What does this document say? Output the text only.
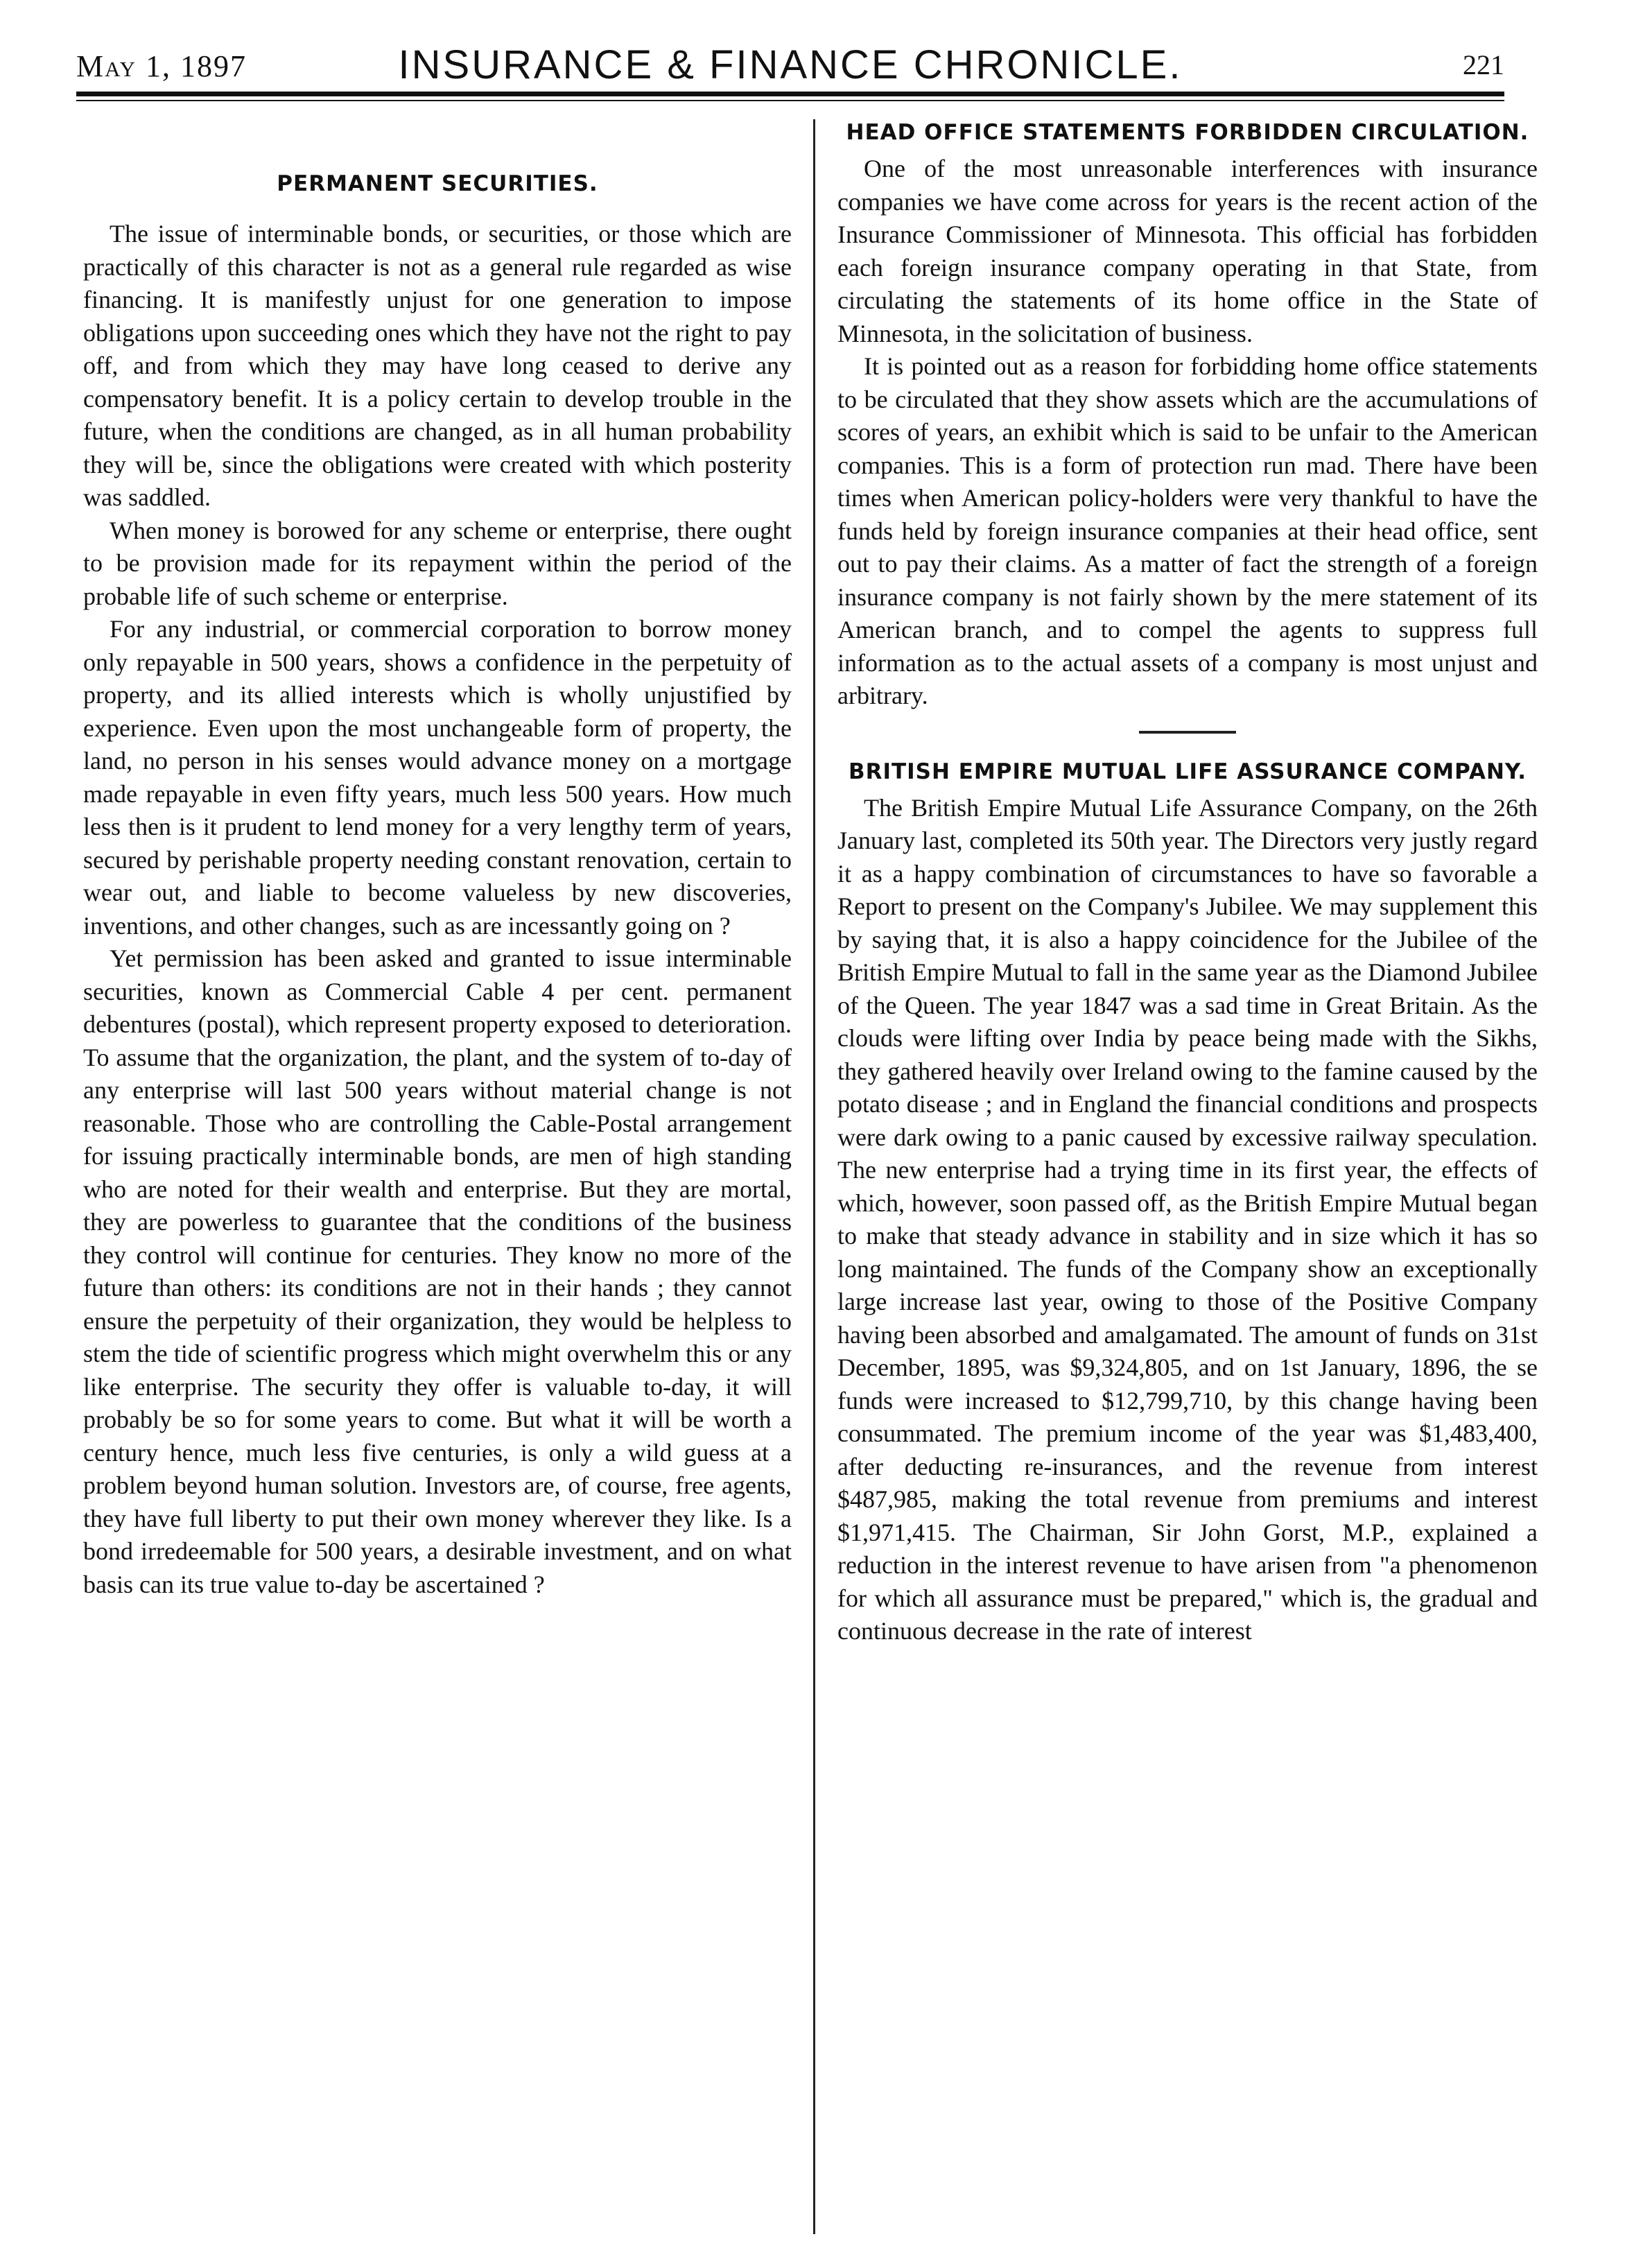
May 1, 1897	INSURANCE & FINANCE CHRONICLE.	221
PERMANENT SECURITIES.

The issue of interminable bonds, or securities, or those which are practically of this character is not as a general rule regarded as wise financing. It is manifestly unjust for one generation to impose obligations upon succeeding ones which they have not the right to pay off, and from which they may have long ceased to derive any compensatory benefit. It is a policy certain to develop trouble in the future, when the conditions are changed, as in all human probability they will be, since the obligations were created with which posterity was saddled.

When money is borowed for any scheme or enterprise, there ought to be provision made for its repayment within the period of the probable life of such scheme or enterprise.

For any industrial, or commercial corporation to borrow money only repayable in 500 years, shows a confidence in the perpetuity of property, and its allied interests which is wholly unjustified by experience. Even upon the most unchangeable form of property, the land, no person in his senses would advance money on a mortgage made repayable in even fifty years, much less 500 years. How much less then is it prudent to lend money for a very lengthy term of years, secured by perishable property needing constant renovation, certain to wear out, and liable to become valueless by new discoveries, inventions, and other changes, such as are incessantly going on ?

Yet permission has been asked and granted to issue interminable securities, known as Commercial Cable 4 per cent. permanent debentures (postal), which represent property exposed to deterioration. To assume that the organization, the plant, and the system of to-day of any enterprise will last 500 years without material change is not reasonable. Those who are controlling the Cable-Postal arrangement for issuing practically interminable bonds, are men of high standing who are noted for their wealth and enterprise. But they are mortal, they are powerless to guarantee that the conditions of the business they control will continue for centuries. They know no more of the future than others: its conditions are not in their hands ; they cannot ensure the perpetuity of their organization, they would be helpless to stem the tide of scientific progress which might overwhelm this or any like enterprise. The security they offer is valuable to-day, it will probably be so for some years to come. But what it will be worth a century hence, much less five centuries, is only a wild guess at a problem beyond human solution. Investors are, of course, free agents, they have full liberty to put their own money wherever they like. Is a bond irredeemable for 500 years, a desirable investment, and on what basis can its true value to-day be ascertained ?

HEAD OFFICE STATEMENTS FORBIDDEN CIRCULATION.

One of the most unreasonable interferences with insurance companies we have come across for years is the recent action of the Insurance Commissioner of Minnesota. This official has forbidden each foreign insurance company operating in that State, from circulating the statements of its home office in the State of Minnesota, in the solicitation of business.

It is pointed out as a reason for forbidding home office statements to be circulated that they show assets which are the accumulations of scores of years, an exhibit which is said to be unfair to the American companies. This is a form of protection run mad. There have been times when American policy-holders were very thankful to have the funds held by foreign insurance companies at their head office, sent out to pay their claims. As a matter of fact the strength of a foreign insurance company is not fairly shown by the mere statement of its American branch, and to compel the agents to suppress full information as to the actual assets of a company is most unjust and arbitrary.

BRITISH EMPIRE MUTUAL LIFE ASSURANCE COMPANY.

The British Empire Mutual Life Assurance Company, on the 26th January last, completed its 50th year. The Directors very justly regard it as a happy combination of circumstances to have so favorable a Report to present on the Company's Jubilee. We may supplement this by saying that, it is also a happy coincidence for the Jubilee of the British Empire Mutual to fall in the same year as the Diamond Jubilee of the Queen. The year 1847 was a sad time in Great Britain. As the clouds were lifting over India by peace being made with the Sikhs, they gathered heavily over Ireland owing to the famine caused by the potato disease ; and in England the financial conditions and prospects were dark owing to a panic caused by excessive railway speculation. The new enterprise had a trying time in its first year, the effects of which, however, soon passed off, as the British Empire Mutual began to make that steady advance in stability and in size which it has so long maintained. The funds of the Company show an exceptionally large increase last year, owing to those of the Positive Company having been absorbed and amalgamated. The amount of funds on 31st December, 1895, was $9,324,805, and on 1st January, 1896, the se funds were increased to $12,799,710, by this change having been consummated. The premium income of the year was $1,483,400, after deducting re-insurances, and the revenue from interest $487,985, making the total revenue from premiums and interest $1,971,415. The Chairman, Sir John Gorst, M.P., explained a reduction in the interest revenue to have arisen from "a phenomenon for which all assurance must be prepared," which is, the gradual and continuous decrease in the rate of interest
